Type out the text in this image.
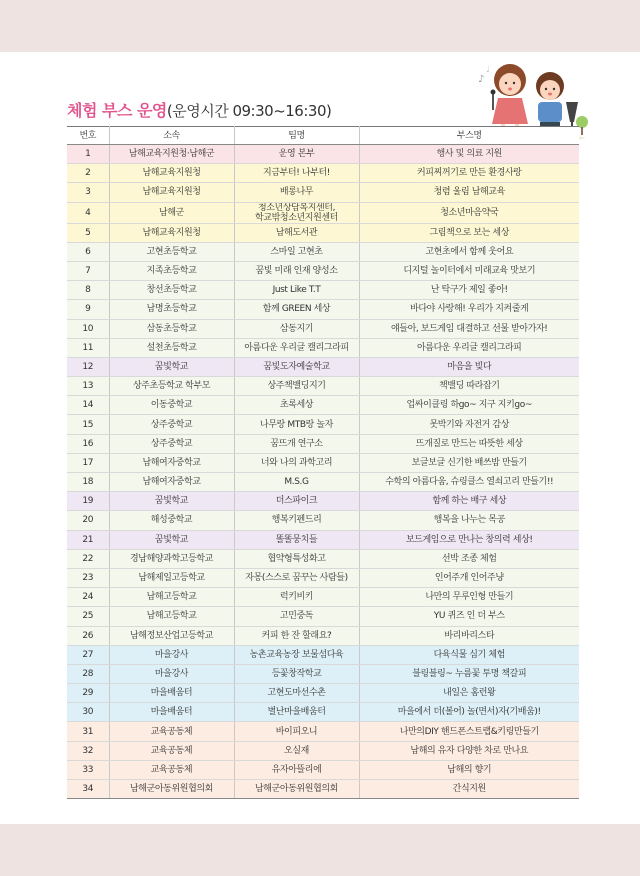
체험 부스 운영(운영시간 09:30~16:30)
♪
♩
번호	소속	팀명	부스명
1	남해교육지원청·남해군	운영 본부	행사 및 의료 지원
2	남해교육지원청	지금부터! 나부터!	커피찌꺼기로 만든 환경사랑
3	남해교육지원청	배롱나무	청렴 울림 남해교육
4	남해군	청소년상담복지센터,
학교밖청소년지원센터	청소년마음약국
5	남해교육지원청	남해도서관	그림책으로 보는 세상
6	고현초등학교	스마일 고현초	고현초에서 함께 웃어요
7	지족초등학교	꿈빛 미래 인재 양성소	디지털 놀이터에서 미래교육 맛보기
8	창선초등학교	Just Like T.T	난 탁구가 제일 좋아!
9	남명초등학교	함께 GREEN 세상	바다야 사랑해! 우리가 지켜줄게
10	삼동초등학교	삼동지기	얘들아, 보드게임 대결하고 선물 받아가자!
11	설천초등학교	아름다운 우리글 캘리그라피	아름다운 우리글 캘리그라피
12	꿈빛학교	꿈빛도자예술학교	마음을 빚다
13	상주초등학교 학부모	상주책밸딩지기	책밸딩 따라잡기
14	이동중학교	초록세상	업싸이클링 하go~ 지구 지키go~
15	상주중학교	나무랑 MTB랑 놀자	못박기와 자전거 감상
16	상주중학교	꿈뜨개 연구소	뜨개질로 만드는 따뜻한 세상
17	남해여자중학교	너와 나의 과학고리	보글보글 신기한 배쓰밤 만들기
18	남해여자중학교	M.S.G	수학의 아름다움, 슈링클스 열쇠고리 만들기!!
19	꿈빛학교	더스파이크	함께 하는 배구 세상
20	해성중학교	행복키펜드리	행복을 나누는 목공
21	꿈빛학교	똘똘뭉치들	보드게임으로 만나는 창의력 세상!
22	경남해양과학고등학교	협약형특성화고	선박 조종 체험
23	남해제일고등학교	자몽(스스로 꿈꾸는 사람들)	인어주개 인어주냥
24	남해고등학교	럭키비키	나만의 무루인형 만들기
25	남해고등학교	고민중독	YU 퀴즈 인 더 부스
26	남해정보산업고등학교	커피 한 잔 할래요?	바리바리스타
27	마을강사	농촌교육농장 보물섬다육	다육식물 심기 체험
28	마을강사	등꽃창작학교	블링블링~ 누름꽃 투명 책갈피
29	마을배움터	고현도마선수촌	내일은 홈런왕
30	마을배움터	별난마을배움터	마을에서 더(볼어) 놀(면서)자(기배움)!
31	교육공동체	바이피오니	나만의DIY 핸드폰스트랩&키링만들기
32	교육공동체	오실재	남해의 유자 다양한 차로 만나요
33	교육공동체	유자아뜰리에	남해의 향기
34	남해군아동위원협의회	남해군아동위원협의회	간식지원
